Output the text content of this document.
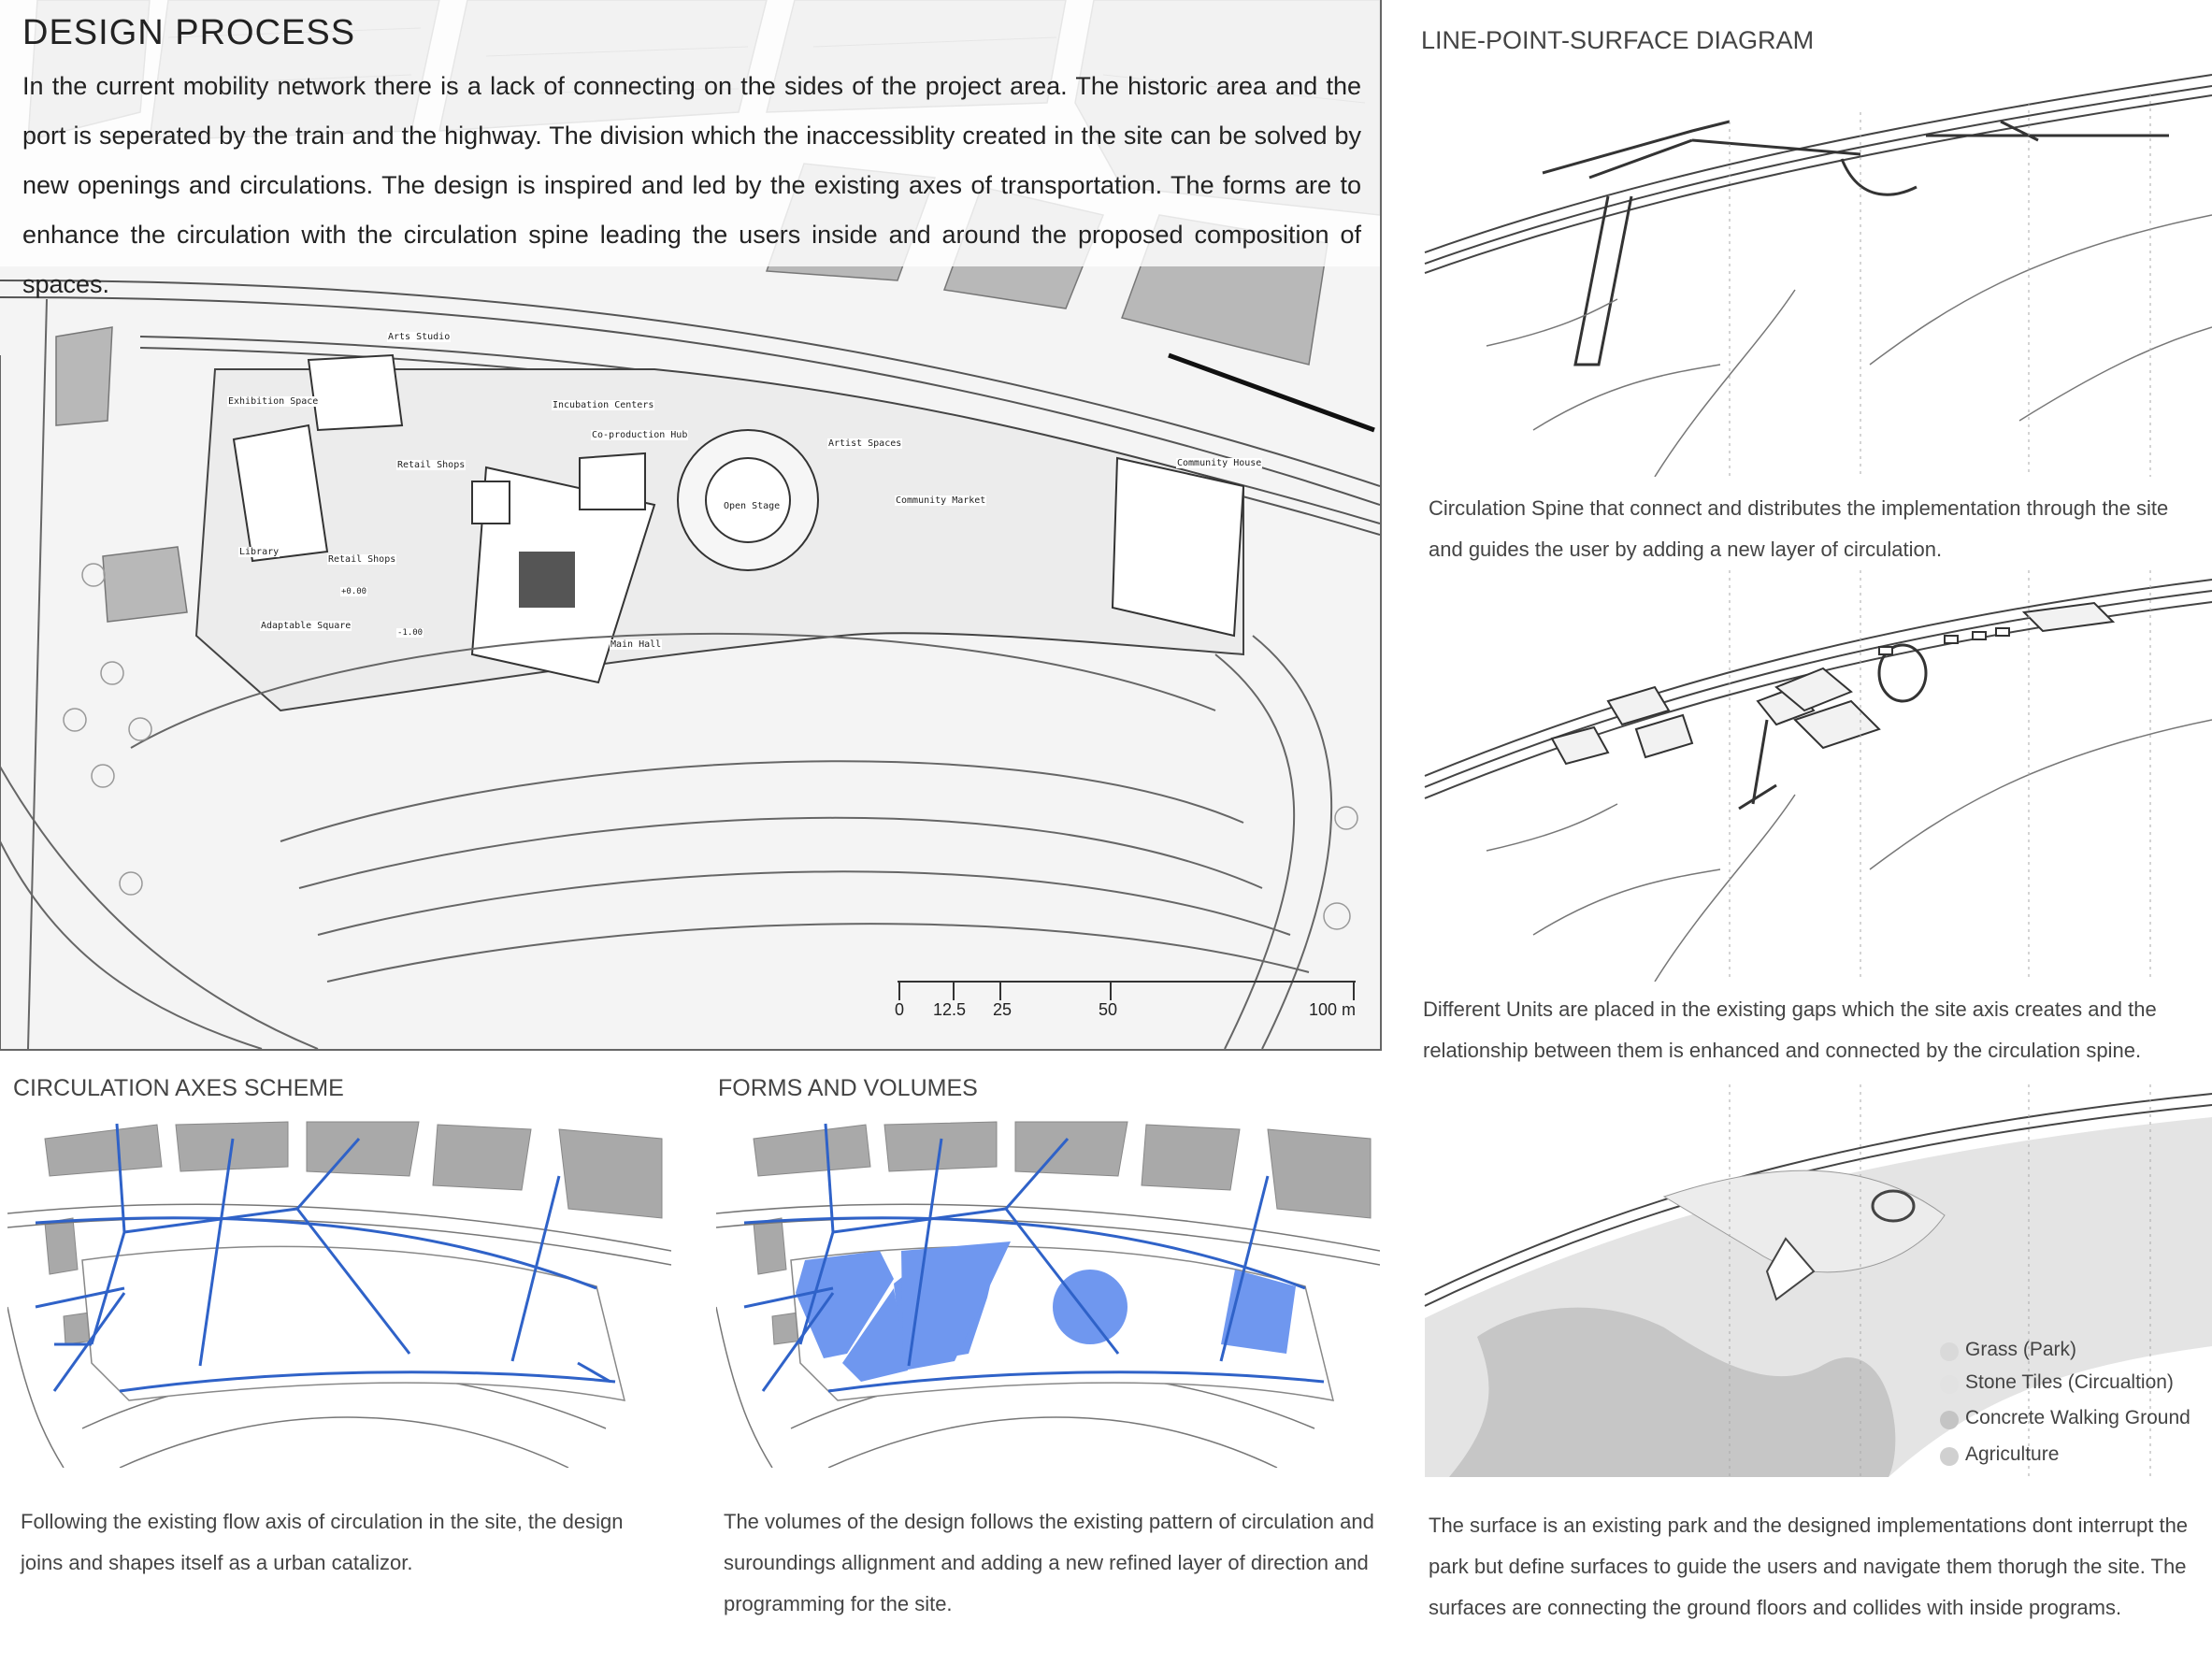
Arts Studio
Exhibition Space	Incubation Centers
Co-production Hub
Retail Shops
Artist Spaces
Community House
Open Stage
Community Market
Library
Retail Shops
Adaptable Square
Main Hall
+0.00
-1.00
0 12.5 25	50	100 m
DESIGN PROCESS
In the current mobility network there is a lack of connecting on the sides of the project area. The historic area and the port is seperated by the train and the highway. The division which the inaccessiblity created in the site can be solved by new openings and circulations. The design is inspired and led by the existing axes of transportation. The forms are to enhance the circulation with the circulation spine leading the users inside and around the proposed composition of spaces.
CIRCULATION AXES SCHEME
Following the existing flow axis of circulation in the site, the design joins and shapes itself as a urban catalizor.
FORMS AND VOLUMES
The volumes of the design follows the existing pattern of circulation and suroundings allignment and adding a new refined layer of direction and programming for the site.
LINE-POINT-SURFACE DIAGRAM
Circulation Spine that connect and distributes the implementation through the site and guides the user by adding a new layer of circulation.
Different Units are placed in the existing gaps which the site axis creates and the relationship between them is enhanced and connected by the circulation spine.
Grass (Park)
Stone Tiles (Circualtion)
Concrete Walking Ground
Agriculture
The surface is an existing park and the designed implementations dont interrupt the park but define surfaces to guide the users and navigate them thorugh the site. The surfaces are connecting the ground floors and collides with inside programs.
